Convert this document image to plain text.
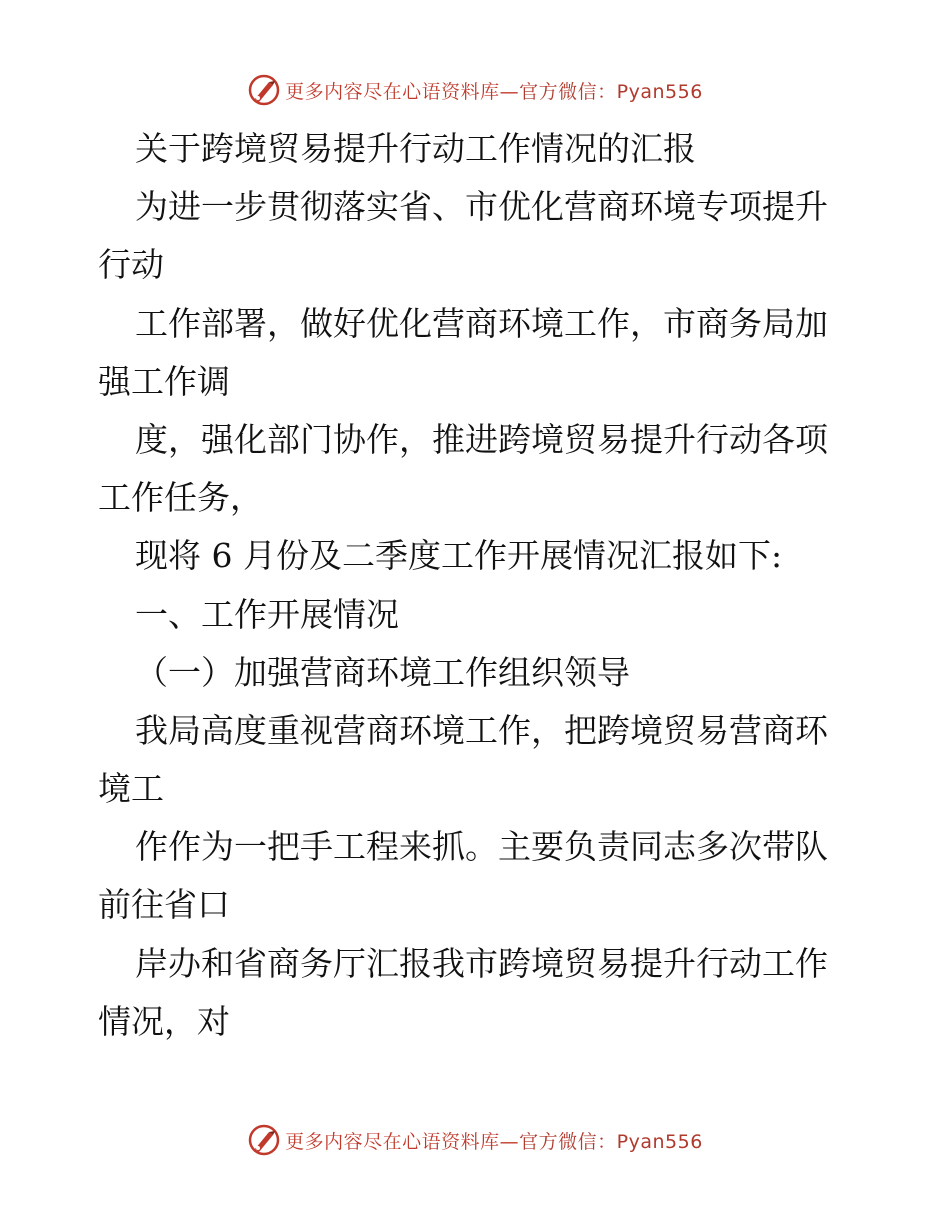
更多内容尽在心语资料库—官方微信：Pyan556
关于跨境贸易提升行动工作情况的汇报
为进一步贯彻落实省、市优化营商环境专项提升
行动
工作部署，做好优化营商环境工作，市商务局加
强工作调
度，强化部门协作，推进跨境贸易提升行动各项
工作任务，
现将 6 月份及二季度工作开展情况汇报如下:
一、工作开展情况
（一）加强营商环境工作组织领导
我局高度重视营商环境工作，把跨境贸易营商环
境工
作作为一把手工程来抓。主要负责同志多次带队
前往省口
岸办和省商务厅汇报我市跨境贸易提升行动工作
情况，对
更多内容尽在心语资料库—官方微信：Pyan556
